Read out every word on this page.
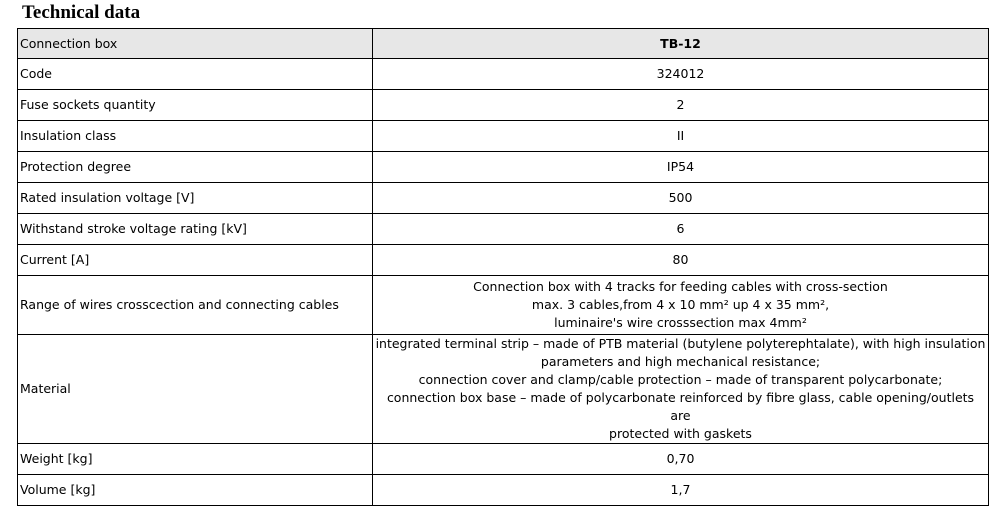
Technical data
Connection box	TB-12
Code	324012
Fuse sockets quantity	2
Insulation class	II
Protection degree	IP54
Rated insulation voltage [V]	500
Withstand stroke voltage rating [kV]	6
Current [A]	80
Range of wires crosscection and connecting cables	Connection box with 4 tracks for feeding cables with cross-section
max. 3 cables,from 4 x 10 mm² up 4 x 35 mm²,
luminaire's wire crosssection max 4mm²

Material	integrated terminal strip – made of PTB material (butylene polyterephtalate), with high insulation
parameters and high mechanical resistance;
connection cover and clamp/cable protection – made of transparent polycarbonate;
connection box base – made of polycarbonate reinforced by fibre glass, cable opening/outlets are
protected with gaskets

Weight [kg]	0,70
Volume [kg]	1,7
